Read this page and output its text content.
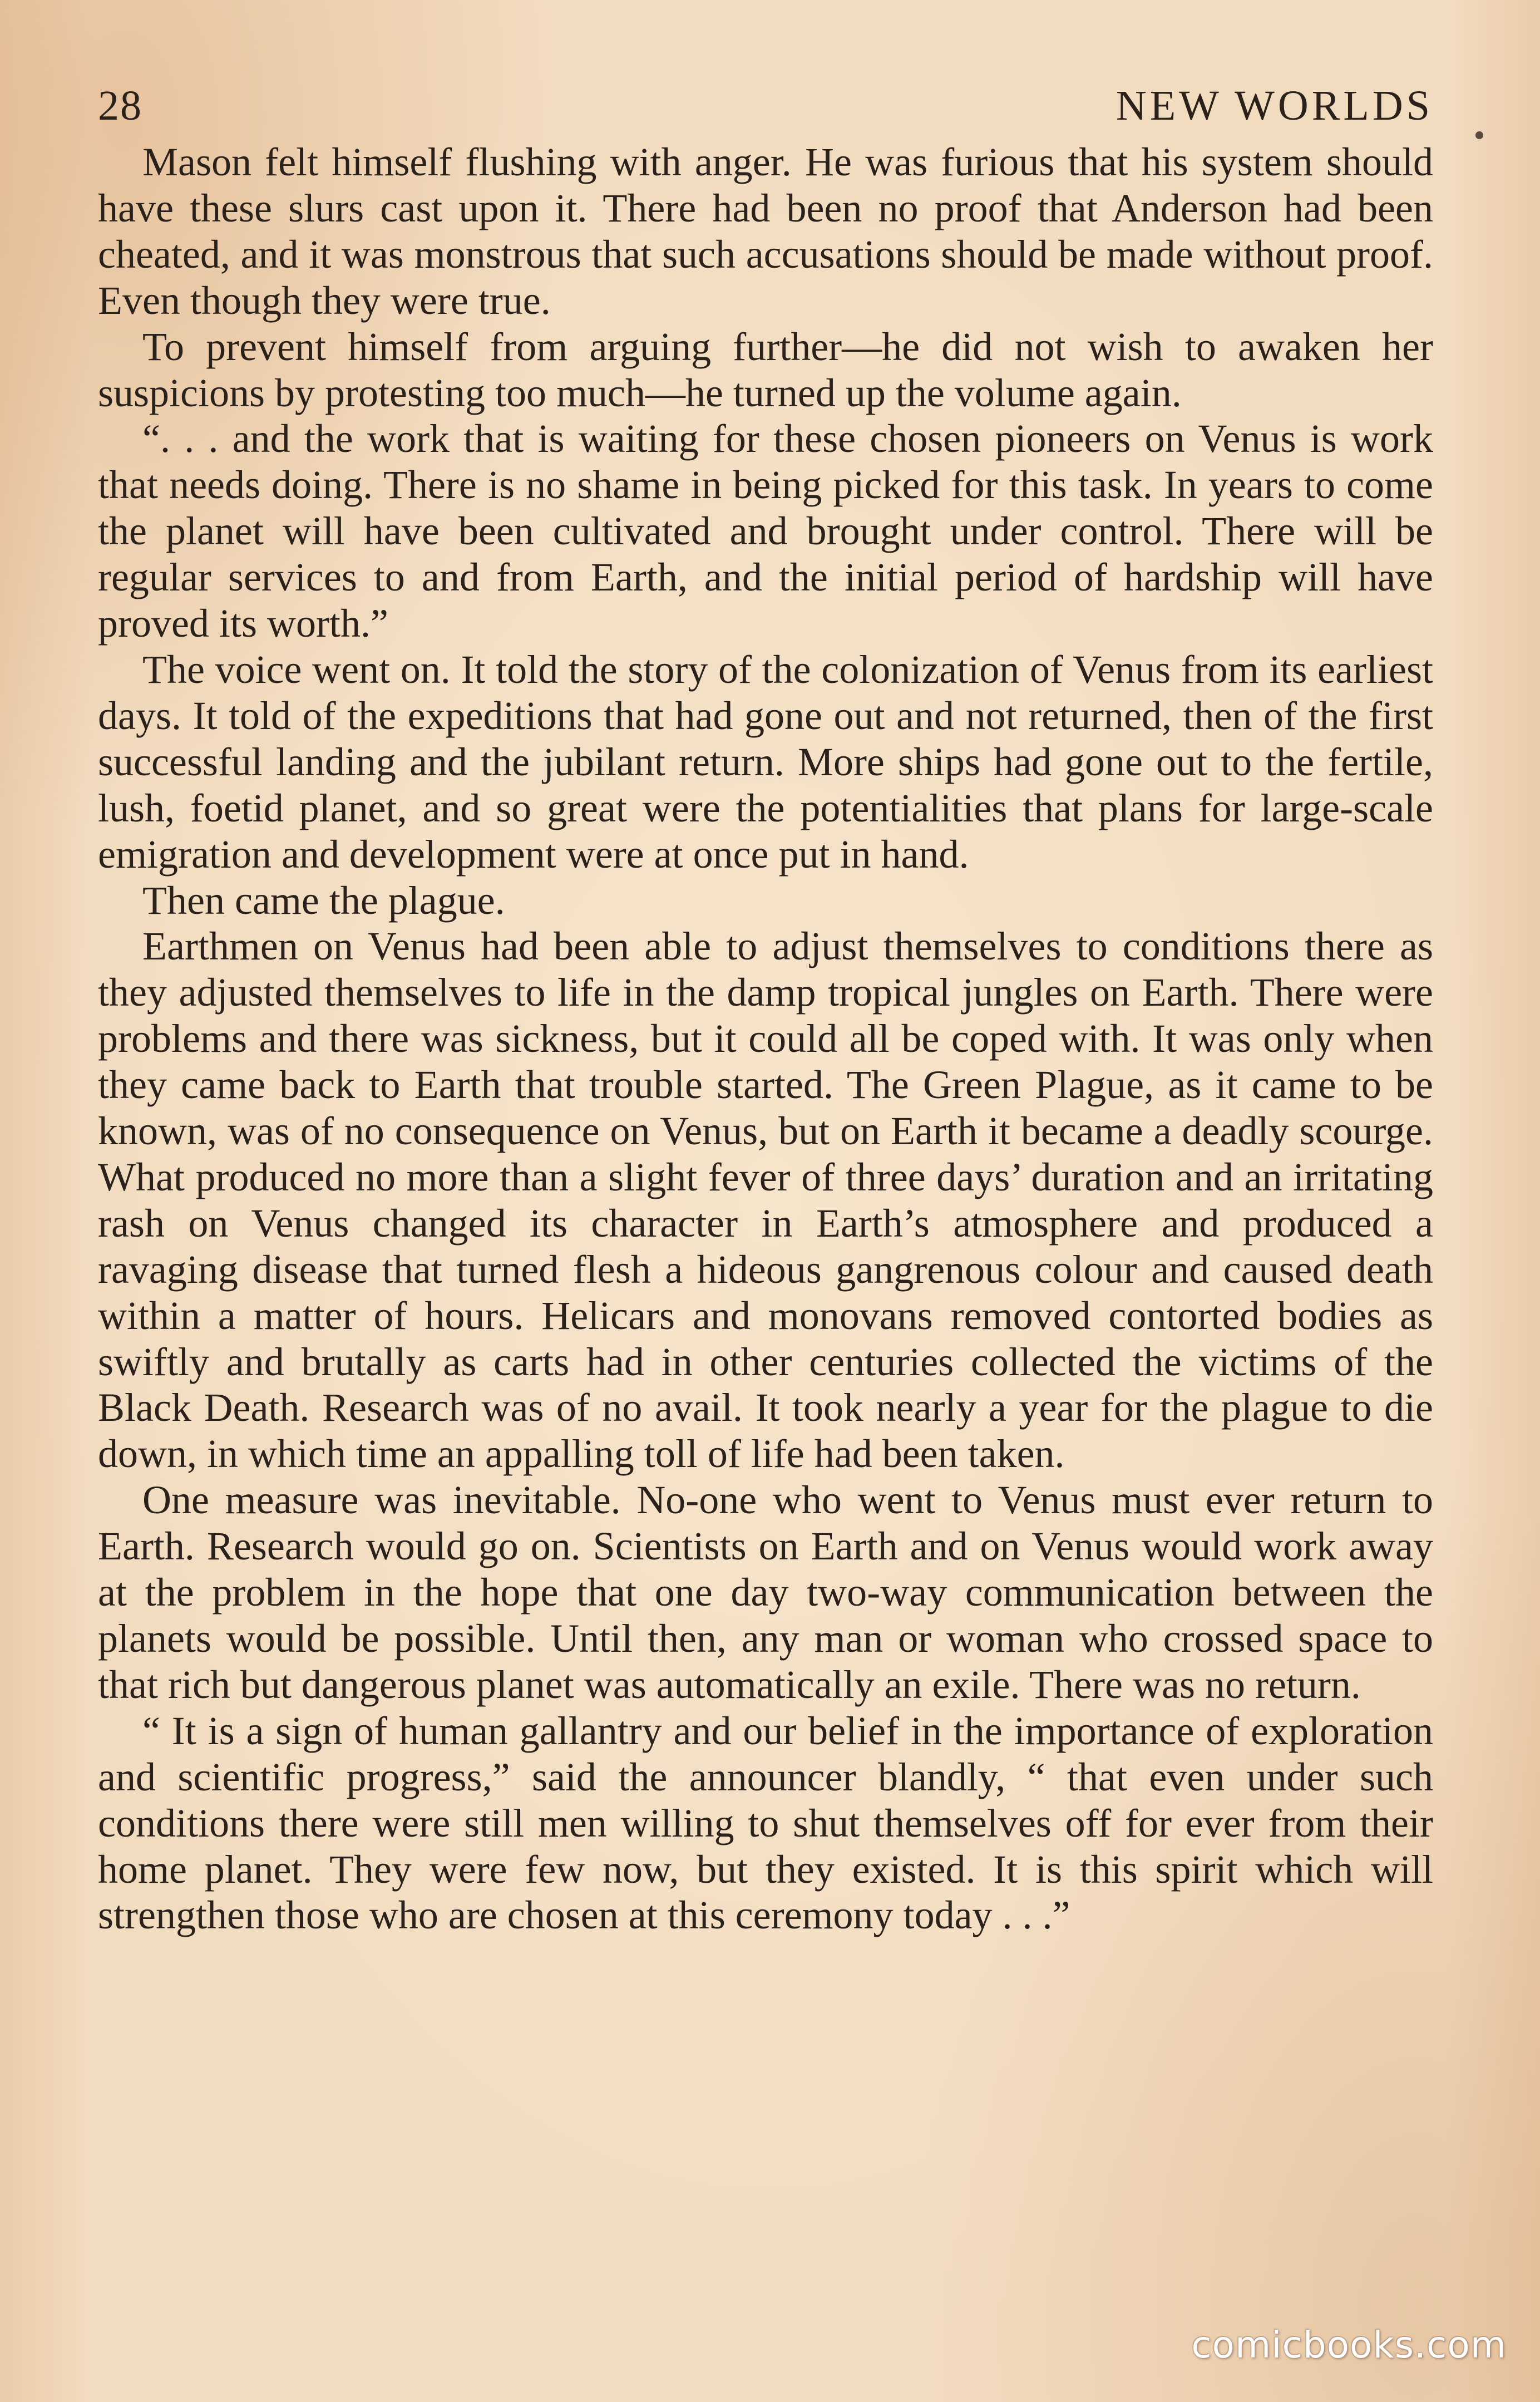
28	NEW WORLDS

Mason felt himself flushing with anger. He was furious that his system should have these slurs cast upon it. There had been no proof that Anderson had been cheated, and it was monstrous that such accusations should be made without proof. Even though they were true.

To prevent himself from arguing further—he did not wish to awaken her suspicions by protesting too much—he turned up the volume again.

“. . . and the work that is waiting for these chosen pioneers on Venus is work that needs doing. There is no shame in being picked for this task. In years to come the planet will have been cultivated and brought under control. There will be regular services to and from Earth, and the initial period of hardship will have proved its worth.”

The voice went on. It told the story of the colonization of Venus from its earliest days. It told of the expeditions that had gone out and not returned, then of the first successful landing and the jubilant return. More ships had gone out to the fertile, lush, foetid planet, and so great were the potentialities that plans for large-scale emigration and development were at once put in hand.

Then came the plague.

Earthmen on Venus had been able to adjust themselves to conditions there as they adjusted themselves to life in the damp tropical jungles on Earth. There were problems and there was sickness, but it could all be coped with. It was only when they came back to Earth that trouble started. The Green Plague, as it came to be known, was of no consequence on Venus, but on Earth it became a deadly scourge. What produced no more than a slight fever of three days’ duration and an irritating rash on Venus changed its character in Earth’s atmosphere and produced a ravaging disease that turned flesh a hideous gangrenous colour and caused death within a matter of hours. Helicars and monovans removed contorted bodies as swiftly and brutally as carts had in other centuries collected the victims of the Black Death. Research was of no avail. It took nearly a year for the plague to die down, in which time an appalling toll of life had been taken.

One measure was inevitable. No-one who went to Venus must ever return to Earth. Research would go on. Scientists on Earth and on Venus would work away at the problem in the hope that one day two-way communication between the planets would be possible. Until then, any man or woman who crossed space to that rich but dangerous planet was automatically an exile. There was no return.

“ It is a sign of human gallantry and our belief in the importance of exploration and scientific progress,” said the announcer blandly, “ that even under such conditions there were still men willing to shut themselves off for ever from their home planet. They were few now, but they existed. It is this spirit which will strengthen those who are chosen at this ceremony today . . .”

comicbooks.com
